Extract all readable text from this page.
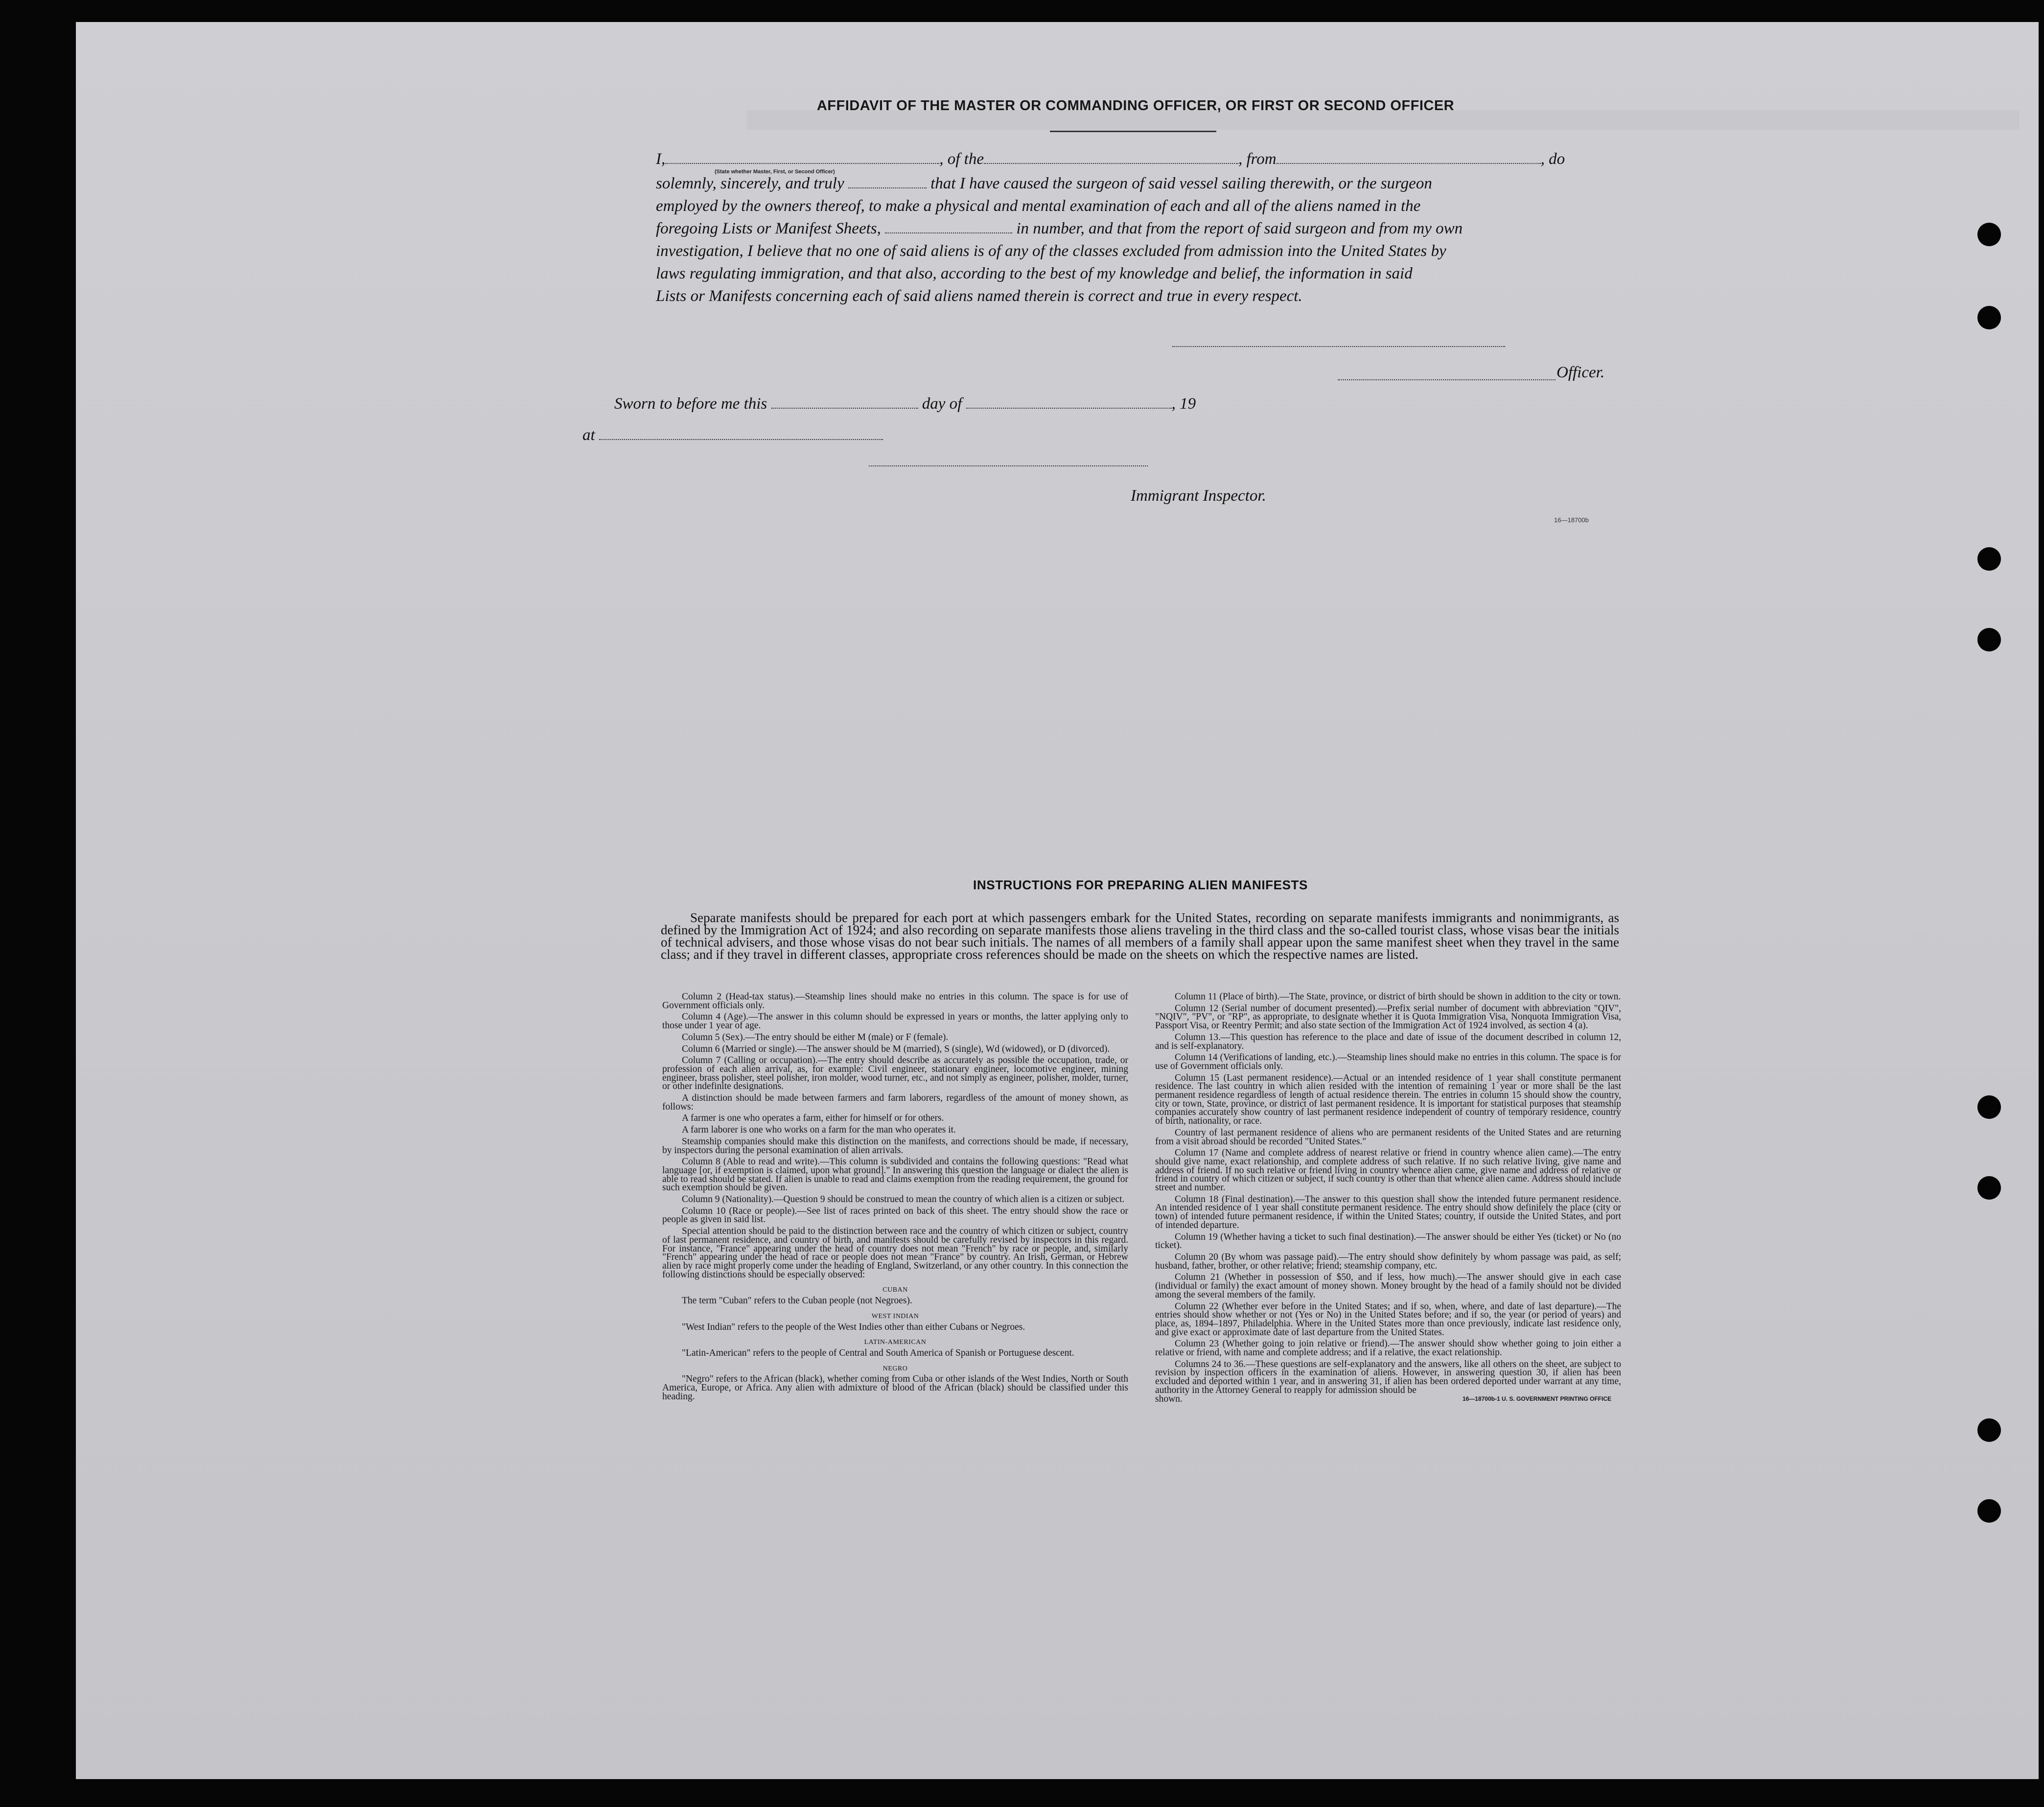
AFFIDAVIT OF THE MASTER OR COMMANDING OFFICER, OR FIRST OR SECOND OFFICER
I,	, of the	, from	, do
(State whether Master, First, or Second Officer)
solemnly, sincerely, and truly	that I have caused the surgeon of said vessel sailing therewith, or the surgeon
employed by the owners thereof, to make a physical and mental examination of each and all of the aliens named in the
foregoing Lists or Manifest Sheets,	in number, and that from the report of said surgeon and from my own
investigation, I believe that no one of said aliens is of any of the classes excluded from admission into the United States by
laws regulating immigration, and that also, according to the best of my knowledge and belief, the information in said
Lists or Manifests concerning each of said aliens named therein is correct and true in every respect.
Officer.
Sworn to before me this	day of	, 19
at
Immigrant Inspector.
16—18700b
INSTRUCTIONS FOR PREPARING ALIEN MANIFESTS

Separate manifests should be prepared for each port at which passengers embark for the United States, recording on separate manifests immigrants and nonimmigrants, as defined by the Immigration Act of 1924; and also recording on separate manifests those aliens traveling in the third class and the so-called tourist class, whose visas bear the initials of technical advisers, and those whose visas do not bear such initials. The names of all members of a family shall appear upon the same manifest sheet when they travel in the same class; and if they travel in different classes, appropriate cross references should be made on the sheets on which the respective names are listed.

Column 2 (Head-tax status).—Steamship lines should make no entries in this column. The space is for use of Government officials only.

Column 4 (Age).—The answer in this column should be expressed in years or months, the latter applying only to those under 1 year of age.

Column 5 (Sex).—The entry should be either M (male) or F (female).

Column 6 (Married or single).—The answer should be M (married), S (single), Wd (widowed), or D (divorced).

Column 7 (Calling or occupation).—The entry should describe as accurately as possible the occupation, trade, or profession of each alien arrival, as, for example: Civil engineer, stationary engineer, locomotive engineer, mining engineer, brass polisher, steel polisher, iron molder, wood turner, etc., and not simply as engineer, polisher, molder, turner, or other indefinite designations.

A distinction should be made between farmers and farm laborers, regardless of the amount of money shown, as follows:

A farmer is one who operates a farm, either for himself or for others.

A farm laborer is one who works on a farm for the man who operates it.

Steamship companies should make this distinction on the manifests, and corrections should be made, if necessary, by inspectors during the personal examination of alien arrivals.

Column 8 (Able to read and write).—This column is subdivided and contains the following questions: "Read what language [or, if exemption is claimed, upon what ground]." In answering this question the language or dialect the alien is able to read should be stated. If alien is unable to read and claims exemption from the reading requirement, the ground for such exemption should be given.

Column 9 (Nationality).—Question 9 should be construed to mean the country of which alien is a citizen or subject.

Column 10 (Race or people).—See list of races printed on back of this sheet. The entry should show the race or people as given in said list.

Special attention should be paid to the distinction between race and the country of which citizen or subject, country of last permanent residence, and country of birth, and manifests should be carefully revised by inspectors in this regard. For instance, "France" appearing under the head of country does not mean "French" by race or people, and, similarly "French" appearing under the head of race or people does not mean "France" by country. An Irish, German, or Hebrew alien by race might properly come under the heading of England, Switzerland, or any other country. In this connection the following distinctions should be especially observed:

CUBAN

The term "Cuban" refers to the Cuban people (not Negroes).

WEST INDIAN

"West Indian" refers to the people of the West Indies other than either Cubans or Negroes.

LATIN-AMERICAN

"Latin-American" refers to the people of Central and South America of Spanish or Portuguese descent.

NEGRO

"Negro" refers to the African (black), whether coming from Cuba or other islands of the West Indies, North or South America, Europe, or Africa. Any alien with admixture of blood of the African (black) should be classified under this heading.

Column 11 (Place of birth).—The State, province, or district of birth should be shown in addition to the city or town.

Column 12 (Serial number of document presented).—Prefix serial number of document with abbreviation "QIV", "NQIV", "PV", or "RP", as appropriate, to designate whether it is Quota Immigration Visa, Nonquota Immigration Visa, Passport Visa, or Reentry Permit; and also state section of the Immigration Act of 1924 involved, as section 4 (a).

Column 13.—This question has reference to the place and date of issue of the document described in column 12, and is self-explanatory.

Column 14 (Verifications of landing, etc.).—Steamship lines should make no entries in this column. The space is for use of Government officials only.

Column 15 (Last permanent residence).—Actual or an intended residence of 1 year shall constitute permanent residence. The last country in which alien resided with the intention of remaining 1 year or more shall be the last permanent residence regardless of length of actual residence therein. The entries in column 15 should show the country, city or town, State, province, or district of last permanent residence. It is important for statistical purposes that steamship companies accurately show country of last permanent residence independent of country of temporary residence, country of birth, nationality, or race.

Country of last permanent residence of aliens who are permanent residents of the United States and are returning from a visit abroad should be recorded "United States."

Column 17 (Name and complete address of nearest relative or friend in country whence alien came).—The entry should give name, exact relationship, and complete address of such relative. If no such relative living, give name and address of friend. If no such relative or friend living in country whence alien came, give name and address of relative or friend in country of which citizen or subject, if such country is other than that whence alien came. Address should include street and number.

Column 18 (Final destination).—The answer to this question shall show the intended future permanent residence. An intended residence of 1 year shall constitute permanent residence. The entry should show definitely the place (city or town) of intended future permanent residence, if within the United States; country, if outside the United States, and port of intended departure.

Column 19 (Whether having a ticket to such final destination).—The answer should be either Yes (ticket) or No (no ticket).

Column 20 (By whom was passage paid).—The entry should show definitely by whom passage was paid, as self; husband, father, brother, or other relative; friend; steamship company, etc.

Column 21 (Whether in possession of $50, and if less, how much).—The answer should give in each case (individual or family) the exact amount of money shown. Money brought by the head of a family should not be divided among the several members of the family.

Column 22 (Whether ever before in the United States; and if so, when, where, and date of last departure).—The entries should show whether or not (Yes or No) in the United States before; and if so, the year (or period of years) and place, as, 1894–1897, Philadelphia. Where in the United States more than once previously, indicate last residence only, and give exact or approximate date of last departure from the United States.

Column 23 (Whether going to join relative or friend).—The answer should show whether going to join either a relative or friend, with name and complete address; and if a relative, the exact relationship.

Columns 24 to 36.—These questions are self-explanatory and the answers, like all others on the sheet, are subject to revision by inspection officers in the examination of aliens. However, in answering question 30, if alien has been excluded and deported within 1 year, and in answering 31, if alien has been ordered deported under warrant at any time, authority in the Attorney General to reapply for admission should be

shown.	16—18700b-1 U. S. GOVERNMENT PRINTING OFFICE
